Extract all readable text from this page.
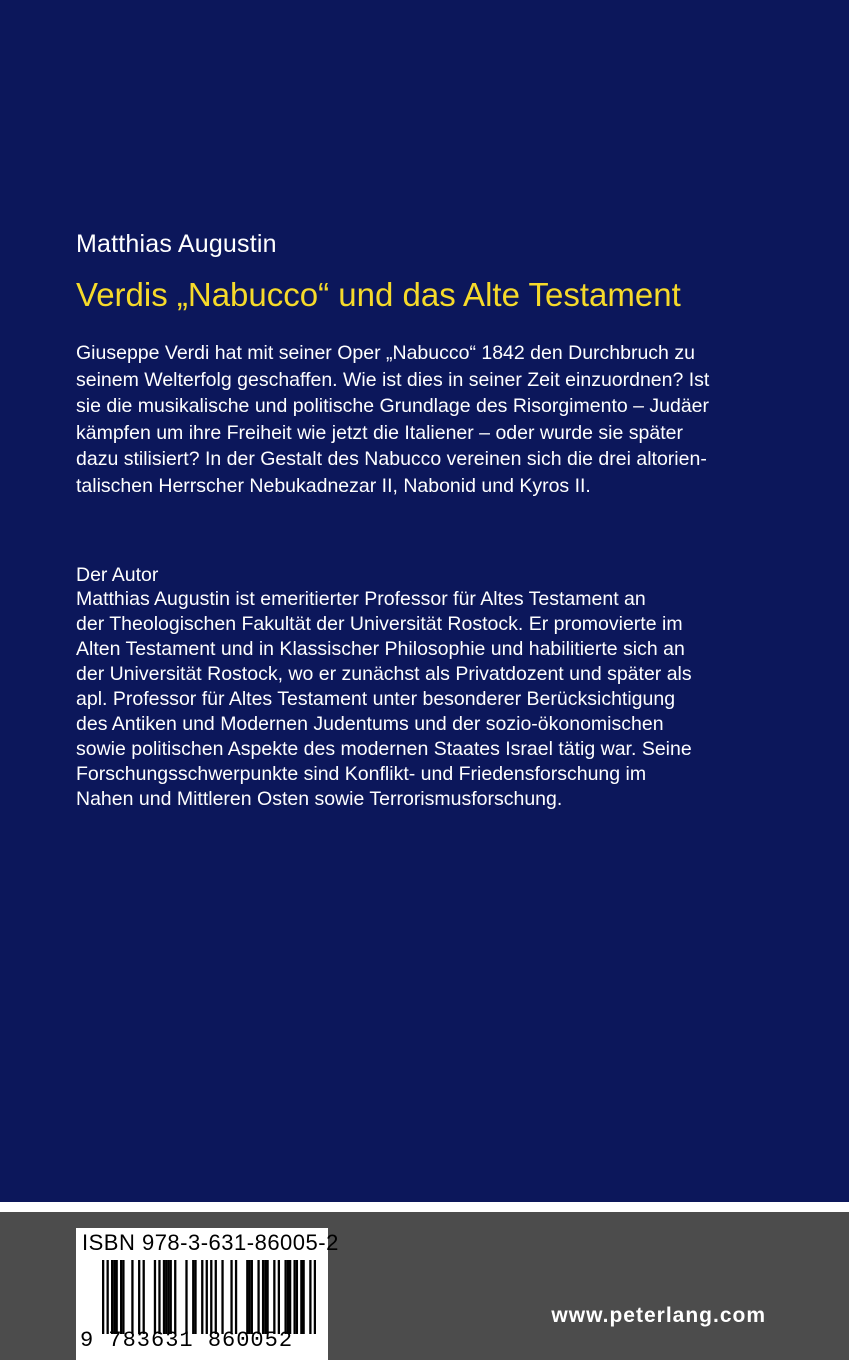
Matthias Augustin
Verdis „Nabucco“ und das Alte Testament
Giuseppe Verdi hat mit seiner Oper „Nabucco“ 1842 den Durchbruch zu
seinem Welterfolg geschaffen. Wie ist dies in seiner Zeit einzuordnen? Ist
sie die musikalische und politische Grundlage des Risorgimento – Judäer
kämpfen um ihre Freiheit wie jetzt die Italiener – oder wurde sie später
dazu stilisiert? In der Gestalt des Nabucco vereinen sich die drei altorien-
talischen Herrscher Nebukadnezar II, Nabonid und Kyros II.
Der Autor
Matthias Augustin ist emeritierter Professor für Altes Testament an
der Theologischen Fakultät der Universität Rostock. Er promovierte im
Alten Testament und in Klassischer Philosophie und habilitierte sich an
der Universität Rostock, wo er zunächst als Privatdozent und später als
apl. Professor für Altes Testament unter besonderer Berücksichtigung
des Antiken und Modernen Judentums und der sozio-ökonomischen
sowie politischen Aspekte des modernen Staates Israel tätig war. Seine
Forschungsschwerpunkte sind Konflikt- und Friedensforschung im
Nahen und Mittleren Osten sowie Terrorismusforschung.
ISBN 978-3-631-86005-2
9 783631 860052
www.peterlang.com
